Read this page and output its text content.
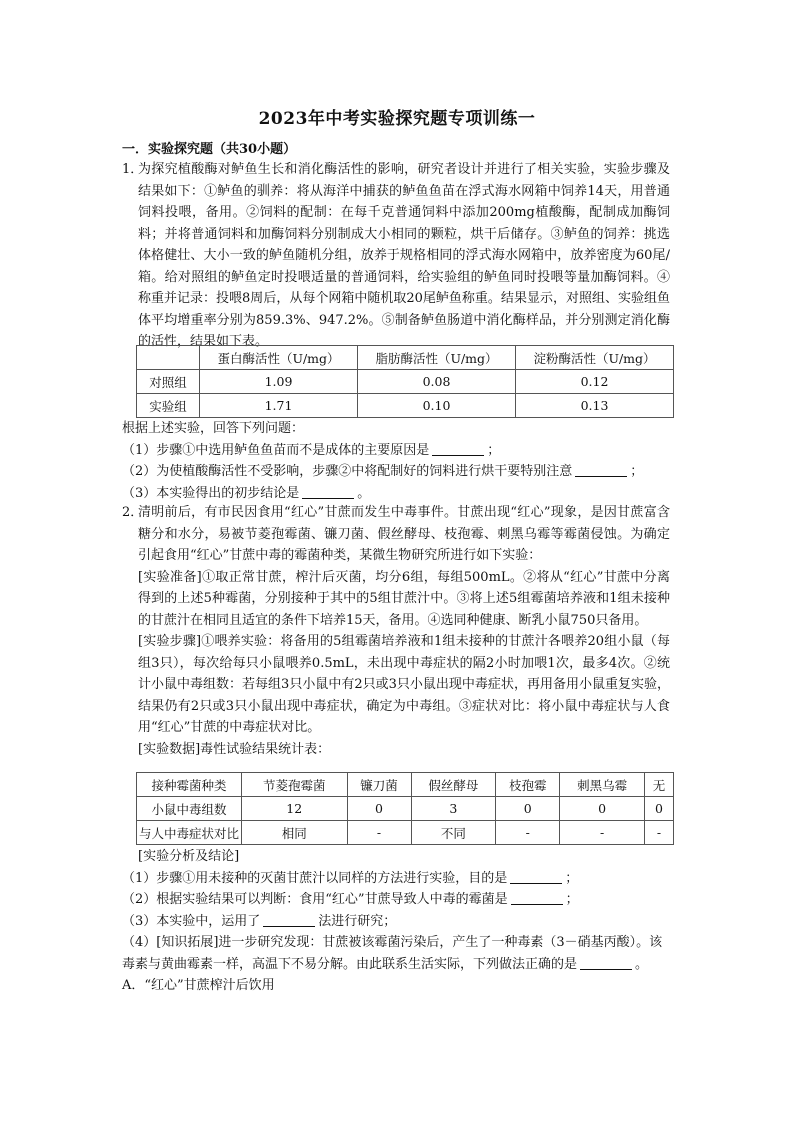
2023年中考实验探究题专项训练一
一．实验探究题（共30小题）
1．

为探究植酸酶对鲈鱼生长和消化酶活性的影响，研究者设计并进行了相关实验，实验步骤及结果如下：①鲈鱼的驯养：将从海洋中捕获的鲈鱼鱼苗在浮式海水网箱中饲养14天，用普通饲料投喂，备用。②饲料的配制：在每千克普通饲料中添加200mg植酸酶，配制成加酶饲料；并将普通饲料和加酶饲料分别制成大小相同的颗粒，烘干后储存。③鲈鱼的饲养：挑选体格健壮、大小一致的鲈鱼随机分组，放养于规格相同的浮式海水网箱中，放养密度为60尾/箱。给对照组的鲈鱼定时投喂适量的普通饲料，给实验组的鲈鱼同时投喂等量加酶饲料。④称重并记录：投喂8周后，从每个网箱中随机取20尾鲈鱼称重。结果显示，对照组、实验组鱼体平均增重率分别为859.3%、947.2%。⑤制备鲈鱼肠道中消化酶样品，并分别测定消化酶的活性，结果如下表。

	蛋白酶活性（U/mg）	脂肪酶活性（U/mg）	淀粉酶活性（U/mg）
对照组	1.09	0.08	0.12
实验组	1.71	0.10	0.13

根据上述实验，回答下列问题：

（1）步骤①中选用鲈鱼鱼苗而不是成体的主要原因是	；

（2）为使植酸酶活性不受影响，步骤②中将配制好的饲料进行烘干要特别注意	；

（3）本实验得出的初步结论是	。

2．

清明前后，有市民因食用“红心”甘蔗而发生中毒事件。甘蔗出现“红心”现象，是因甘蔗富含糖分和水分，易被节菱孢霉菌、镰刀菌、假丝酵母、枝孢霉、刺黑乌霉等霉菌侵蚀。为确定引起食用“红心”甘蔗中毒的霉菌种类，某微生物研究所进行如下实验：

[实验准备]①取正常甘蔗，榨汁后灭菌，均分6组，每组500mL。②将从“红心”甘蔗中分离得到的上述5种霉菌，分别接种于其中的5组甘蔗汁中。③将上述5组霉菌培养液和1组未接种的甘蔗汁在相同且适宜的条件下培养15天，备用。④选同种健康、断乳小鼠750只备用。

[实验步骤]①喂养实验：将备用的5组霉菌培养液和1组未接种的甘蔗汁各喂养20组小鼠（每组3只），每次给每只小鼠喂养0.5mL，未出现中毒症状的隔2小时加喂1次，最多4次。②统计小鼠中毒组数：若每组3只小鼠中有2只或3只小鼠出现中毒症状，再用备用小鼠重复实验，结果仍有2只或3只小鼠出现中毒症状，确定为中毒组。③症状对比：将小鼠中毒症状与人食用“红心”甘蔗的中毒症状对比。

[实验数据]毒性试验结果统计表：

接种霉菌种类	节菱孢霉菌	镰刀菌	假丝酵母	枝孢霉	刺黑乌霉	无
小鼠中毒组数	12	0	3	0	0	0
与人中毒症状对比	相同	-	不同	-	-	-

[实验分析及结论]

（1）步骤①用未接种的灭菌甘蔗汁以同样的方法进行实验，目的是	；

（2）根据实验结果可以判断：食用“红心”甘蔗导致人中毒的霉菌是	；

（3）本实验中，运用了	法进行研究；

（4）[知识拓展]进一步研究发现：甘蔗被该霉菌污染后，产生了一种毒素（3－硝基丙酸）。该毒素与黄曲霉素一样，高温下不易分解。由此联系生活实际，下列做法正确的是	。

A．“红心”甘蔗榨汁后饮用
